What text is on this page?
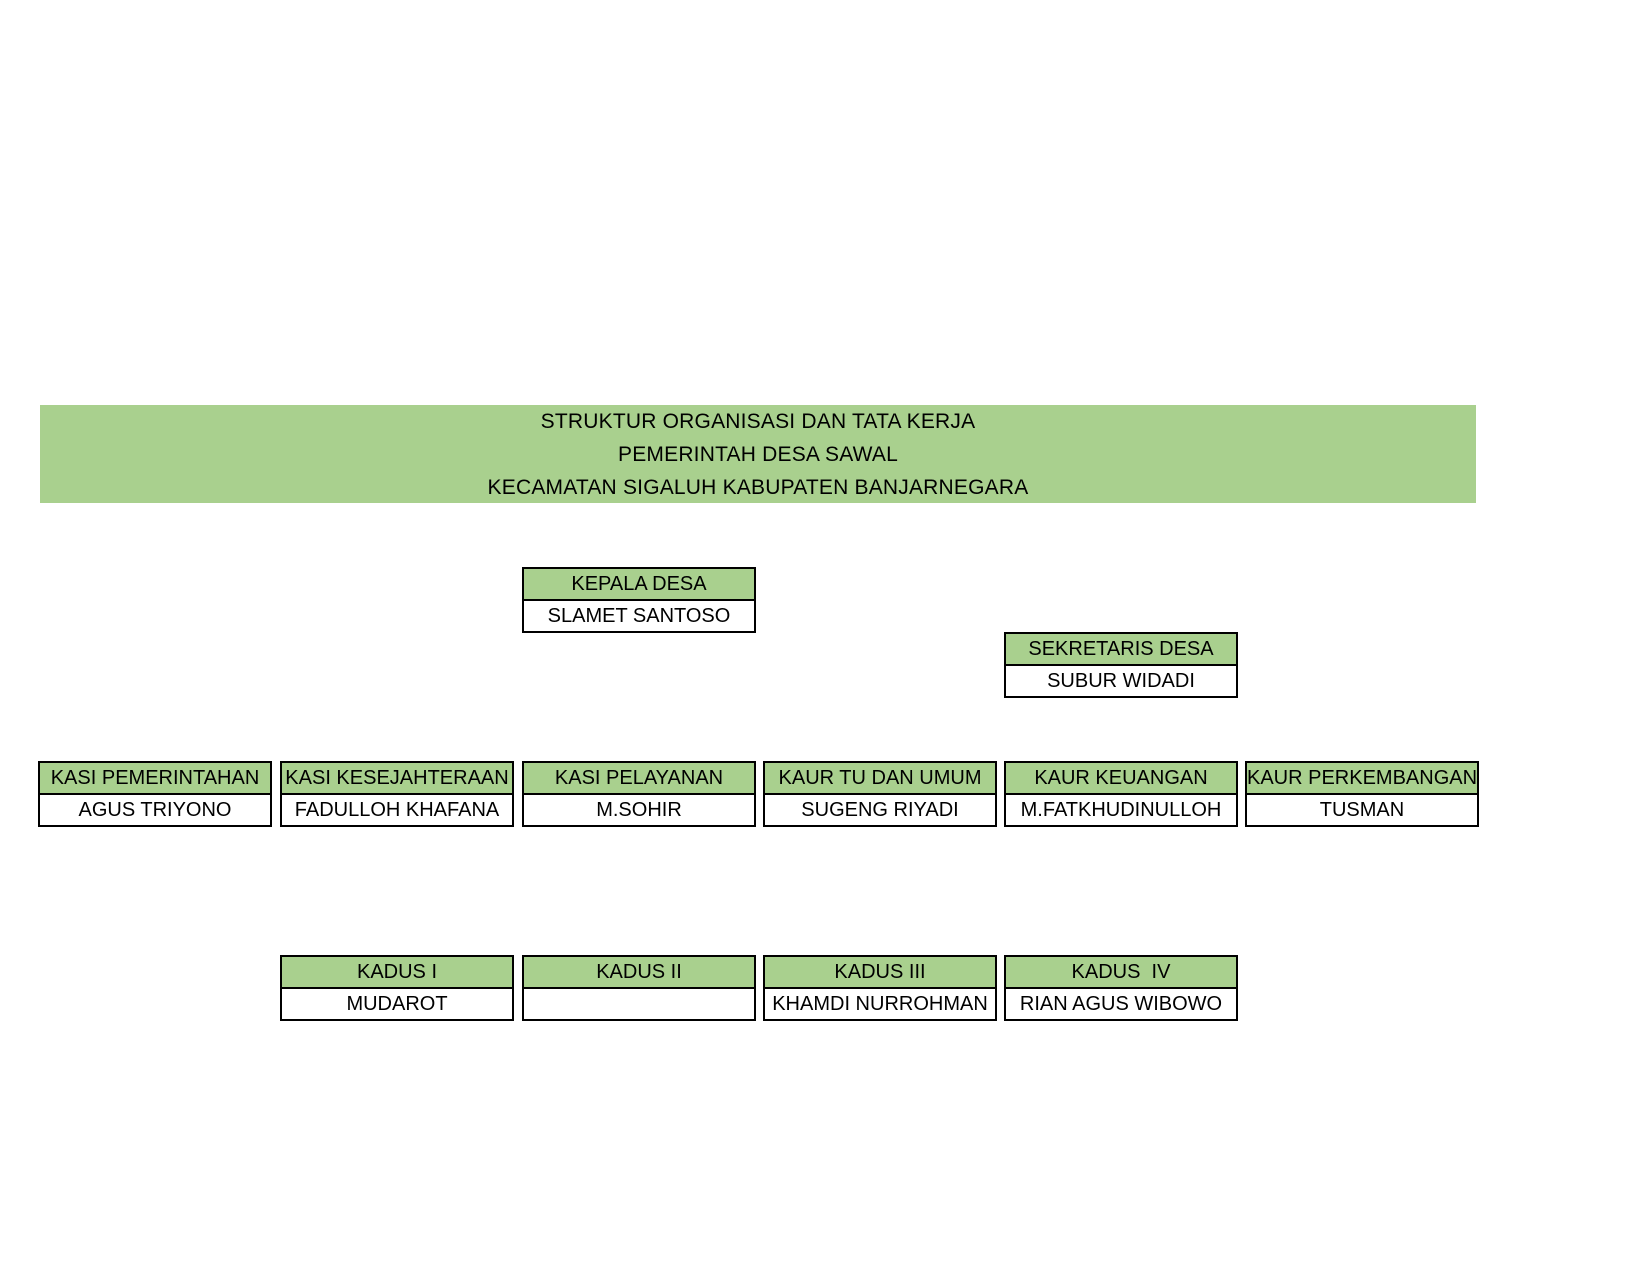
STRUKTUR ORGANISASI DAN TATA KERJA
PEMERINTAH DESA SAWAL
KECAMATAN SIGALUH KABUPATEN BANJARNEGARA
KEPALA DESA
SLAMET SANTOSO
SEKRETARIS DESA
SUBUR WIDADI
KASI PEMERINTAHAN
AGUS TRIYONO
KASI KESEJAHTERAAN
FADULLOH KHAFANA
KASI PELAYANAN
M.SOHIR
KAUR TU DAN UMUM
SUGENG RIYADI
KAUR KEUANGAN
M.FATKHUDINULLOH
KAUR PERKEMBANGAN
TUSMAN
KADUS I
MUDAROT
KADUS II	KADUS III
KHAMDI NURROHMAN
KADUS  IV
RIAN AGUS WIBOWO
